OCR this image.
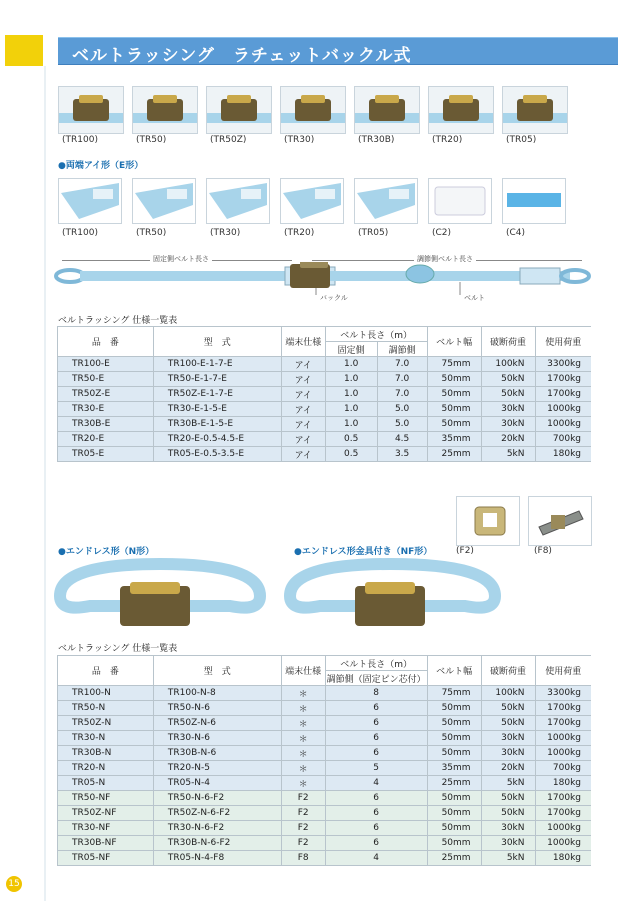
15
ベルトラッシング　ラチェットバックル式
(TR100)	(TR50)	(TR50Z)	(TR30)	(TR30B)	(TR20)	(TR05)
●両端アイ形（E形）
(TR100)	(TR50)	(TR30)	(TR20)	(TR05)	(C2)	(C4)
固定側ベルト長さ	調節側ベルト長さ
バックル	ベルト
ベルトラッシング 仕様一覧表
品　番	型　式	端末仕様	ベルト長さ（m）		ベルト幅	破断荷重	使用荷重
			固定側	調節側			
TR100-E	TR100-E-1-7-E	アイ	1.0	7.0	75mm	100kN	3300kg
TR50-E	TR50-E-1-7-E	アイ	1.0	7.0	50mm	50kN	1700kg
TR50Z-E	TR50Z-E-1-7-E	アイ	1.0	7.0	50mm	50kN	1700kg
TR30-E	TR30-E-1-5-E	アイ	1.0	5.0	50mm	30kN	1000kg
TR30B-E	TR30B-E-1-5-E	アイ	1.0	5.0	50mm	30kN	1000kg
TR20-E	TR20-E-0.5-4.5-E	アイ	0.5	4.5	35mm	20kN	700kg
TR05-E	TR05-E-0.5-3.5-E	アイ	0.5	3.5	25mm	5kN	180kg
(F2)	(F8)
●エンドレス形（N形）	●エンドレス形金具付き（NF形）
ベルトラッシング 仕様一覧表
品　番	型　式	端末仕様	ベルト長さ（m）	ベルト幅	破断荷重	使用荷重
			調節側（固定ピン芯付）			
TR100-N	TR100-N-8	＊	8	75mm	100kN	3300kg
TR50-N	TR50-N-6	＊	6	50mm	50kN	1700kg
TR50Z-N	TR50Z-N-6	＊	6	50mm	50kN	1700kg
TR30-N	TR30-N-6	＊	6	50mm	30kN	1000kg
TR30B-N	TR30B-N-6	＊	6	50mm	30kN	1000kg
TR20-N	TR20-N-5	＊	5	35mm	20kN	700kg
TR05-N	TR05-N-4	＊	4	25mm	5kN	180kg
TR50-NF	TR50-N-6-F2	F2	6	50mm	50kN	1700kg
TR50Z-NF	TR50Z-N-6-F2	F2	6	50mm	50kN	1700kg
TR30-NF	TR30-N-6-F2	F2	6	50mm	30kN	1000kg
TR30B-NF	TR30B-N-6-F2	F2	6	50mm	30kN	1000kg
TR05-NF	TR05-N-4-F8	F8	4	25mm	5kN	180kg
